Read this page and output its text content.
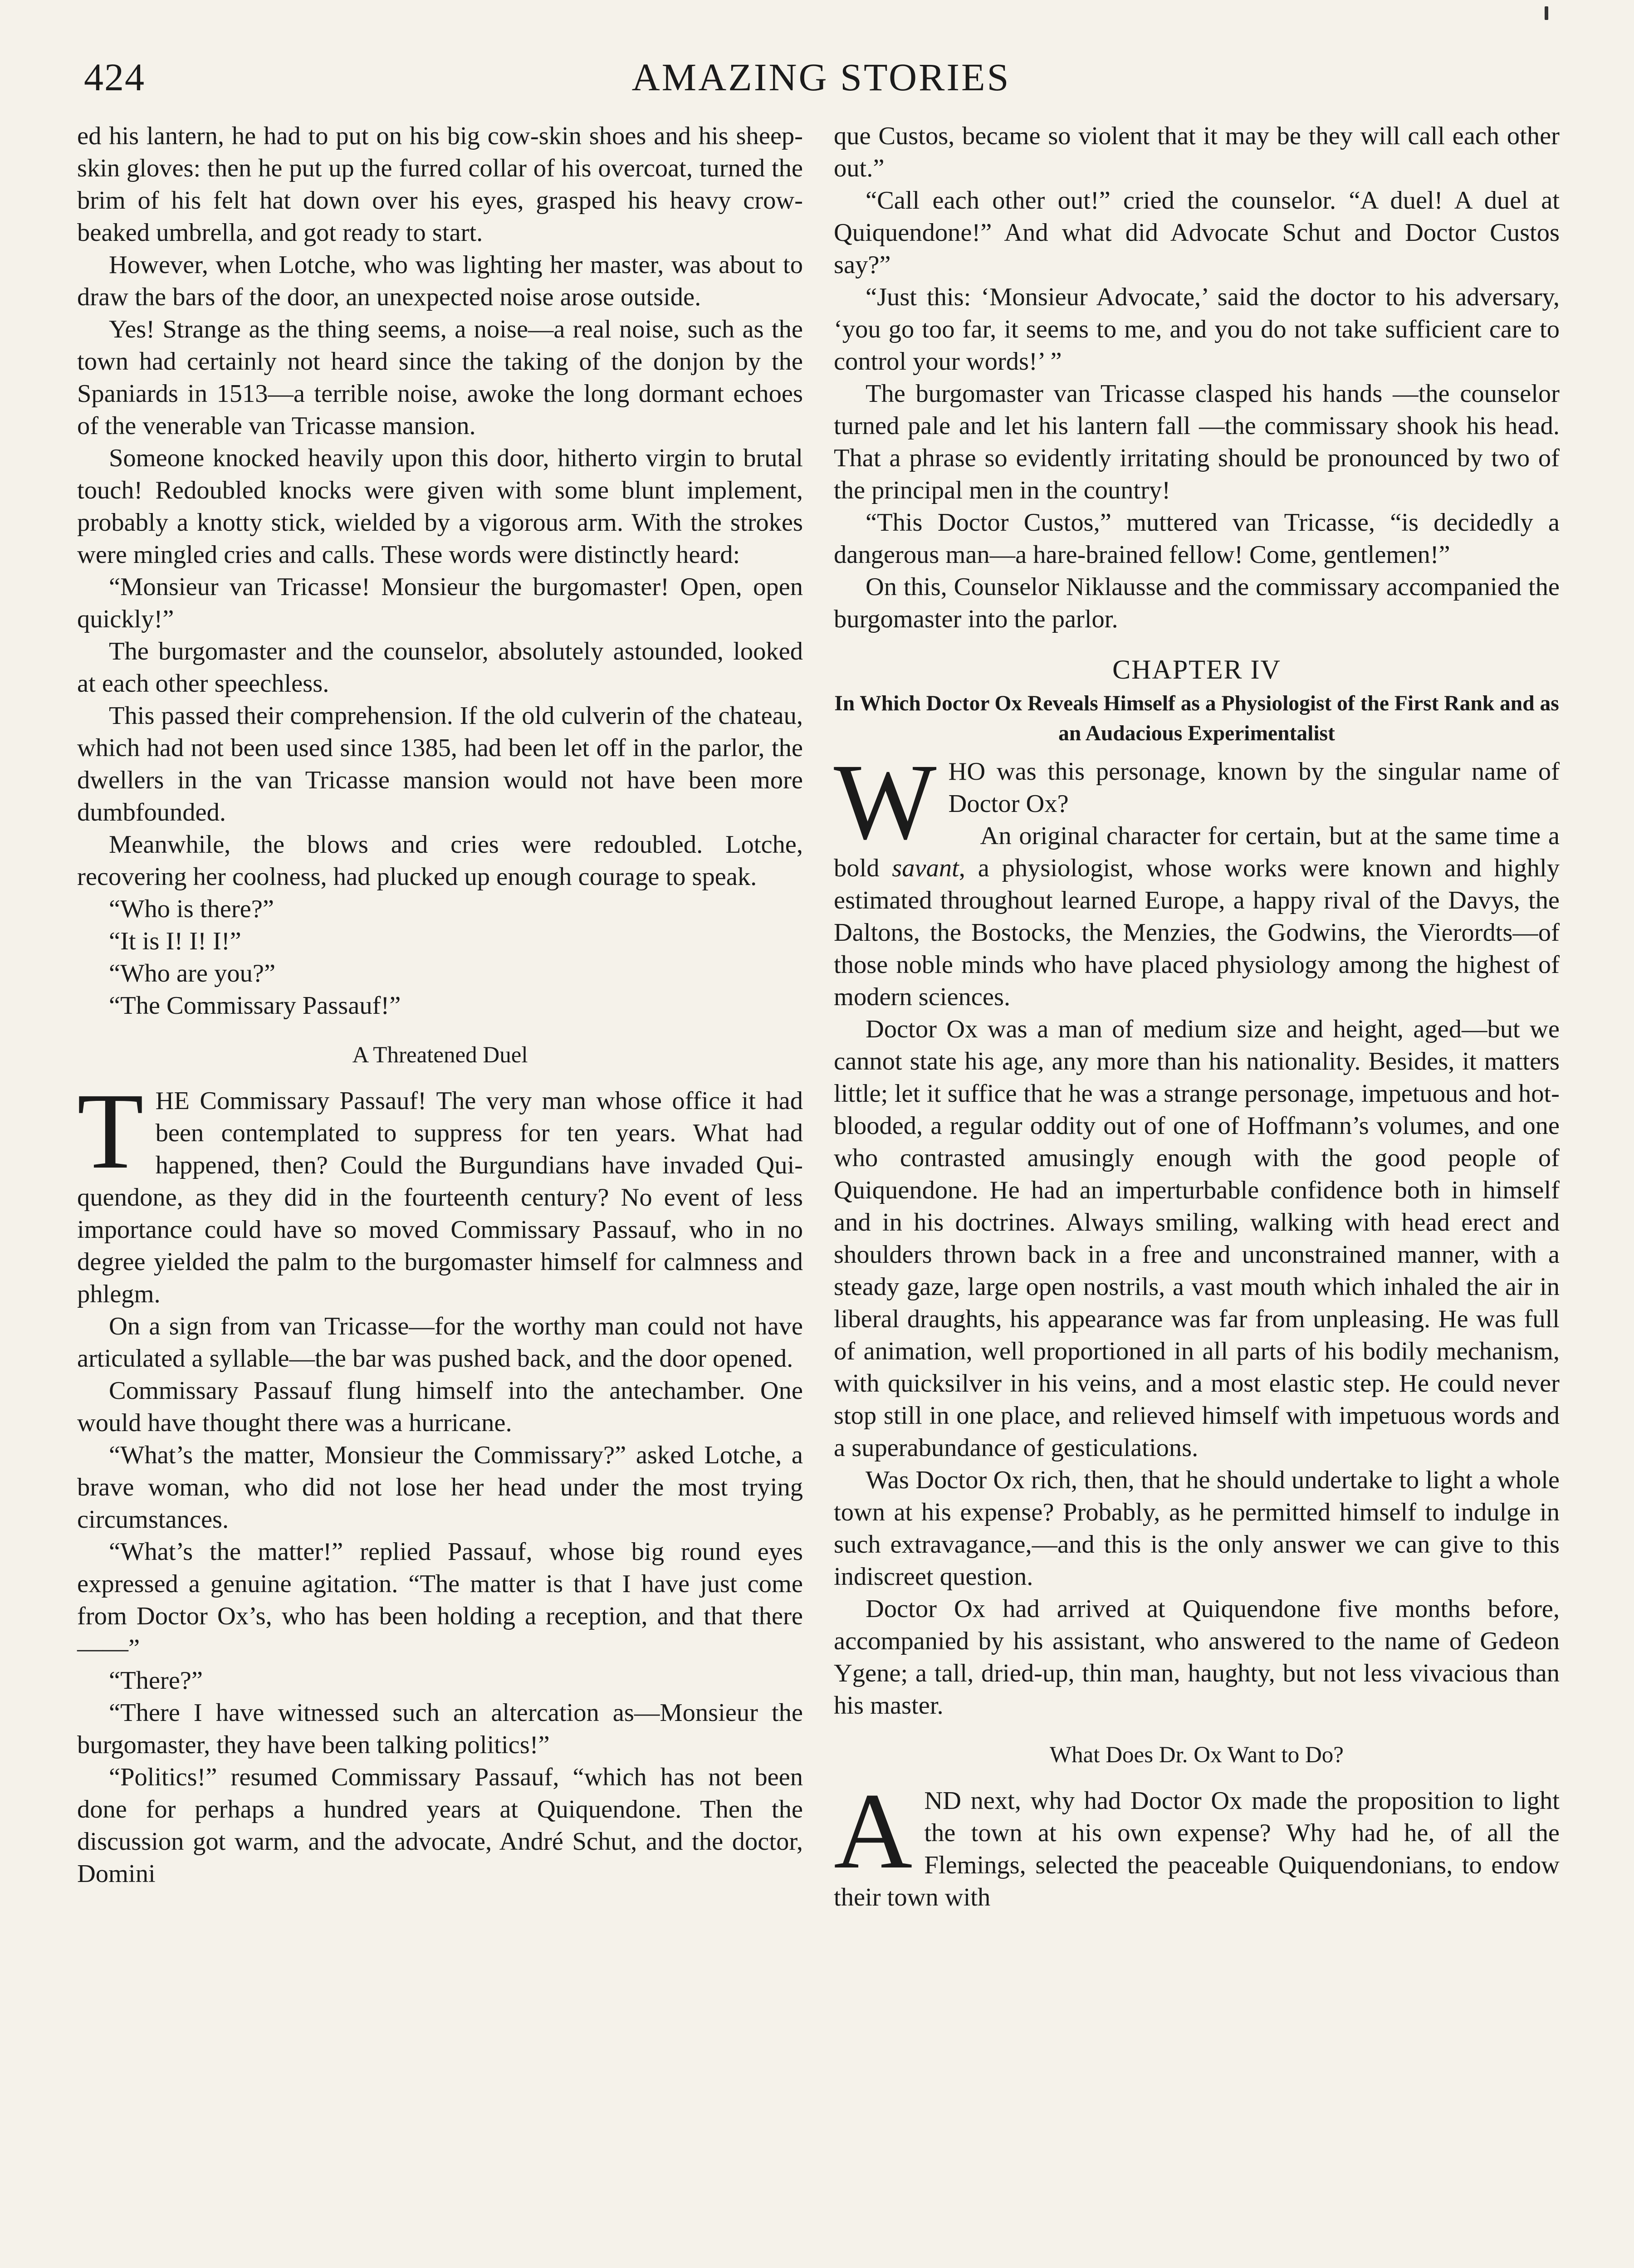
424	AMAZING STORIES

ed his lantern, he had to put on his big cow-skin shoes and his sheep-skin gloves: then he put up the furred collar of his overcoat, turned the brim of his felt hat down over his eyes, grasped his heavy crow-beaked umbrella, and got ready to start.

However, when Lotche, who was lighting her master, was about to draw the bars of the door, an unexpected noise arose outside.

Yes! Strange as the thing seems, a noise—a real noise, such as the town had certainly not heard since the taking of the donjon by the Spaniards in 1513—a terrible noise, awoke the long dormant echoes of the venerable van Tricasse mansion.

Someone knocked heavily upon this door, hitherto virgin to brutal touch! Redoubled knocks were given with some blunt implement, probably a knotty stick, wielded by a vigorous arm. With the strokes were mingled cries and calls. These words were distinctly heard:

“Monsieur van Tricasse! Monsieur the burgomaster! Open, open quickly!”

The burgomaster and the counselor, absolutely astounded, looked at each other speechless.

This passed their comprehension. If the old culverin of the chateau, which had not been used since 1385, had been let off in the parlor, the dwellers in the van Tricasse mansion would not have been more dumbfounded.

Meanwhile, the blows and cries were redoubled. Lotche, recovering her coolness, had plucked up enough courage to speak.

“Who is there?”

“It is I! I! I!”

“Who are you?”

“The Commissary Passauf!”

A Threatened Duel

THE Commissary Passauf! The very man whose office it had been contemplated to suppress for ten years. What had happened, then? Could the Burgundians have invaded Quiquendone, as they did in the fourteenth century? No event of less importance could have so moved Commissary Passauf, who in no degree yielded the palm to the burgomaster himself for calmness and phlegm.

On a sign from van Tricasse—for the worthy man could not have articulated a syllable—the bar was pushed back, and the door opened.

Commissary Passauf flung himself into the antechamber. One would have thought there was a hurricane.

“What’s the matter, Monsieur the Commissary?” asked Lotche, a brave woman, who did not lose her head under the most trying circumstances.

“What’s the matter!” replied Passauf, whose big round eyes expressed a genuine agitation. “The matter is that I have just come from Doctor Ox’s, who has been holding a reception, and that there ——”

“There?”

“There I have witnessed such an altercation as—Monsieur the burgomaster, they have been talking politics!”

“Politics!” resumed Commissary Passauf, “which has not been done for perhaps a hundred years at Quiquendone. Then the discussion got warm, and the advocate, André Schut, and the doctor, Domini

que Custos, became so violent that it may be they will call each other out.”

“Call each other out!” cried the counselor. “A duel! A duel at Quiquendone!” And what did Advocate Schut and Doctor Custos say?”

“Just this: ‘Monsieur Advocate,’ said the doctor to his adversary, ‘you go too far, it seems to me, and you do not take sufficient care to control your words!’ ”

The burgomaster van Tricasse clasped his hands —the counselor turned pale and let his lantern fall —the commissary shook his head. That a phrase so evidently irritating should be pronounced by two of the principal men in the country!

“This Doctor Custos,” muttered van Tricasse, “is decidedly a dangerous man—a hare-brained fellow! Come, gentlemen!”

On this, Counselor Niklausse and the commissary accompanied the burgomaster into the parlor.

CHAPTER IV
In Which Doctor Ox Reveals Himself as a Physiologist of the First Rank and as an Audacious Experimentalist

WHO was this personage, known by the singular name of Doctor Ox?

An original character for certain, but at the same time a bold savant, a physiologist, whose works were known and highly estimated throughout learned Europe, a happy rival of the Davys, the Daltons, the Bostocks, the Menzies, the Godwins, the Vierordts—of those noble minds who have placed physiology among the highest of modern sciences.

Doctor Ox was a man of medium size and height, aged—but we cannot state his age, any more than his nationality. Besides, it matters little; let it suffice that he was a strange personage, impetuous and hot-blooded, a regular oddity out of one of Hoffmann’s volumes, and one who contrasted amusingly enough with the good people of Quiquendone. He had an imperturbable confidence both in himself and in his doctrines. Always smiling, walking with head erect and shoulders thrown back in a free and unconstrained manner, with a steady gaze, large open nostrils, a vast mouth which inhaled the air in liberal draughts, his appearance was far from unpleasing. He was full of animation, well proportioned in all parts of his bodily mechanism, with quicksilver in his veins, and a most elastic step. He could never stop still in one place, and relieved himself with impetuous words and a superabundance of gesticulations.

Was Doctor Ox rich, then, that he should undertake to light a whole town at his expense? Probably, as he permitted himself to indulge in such extravagance,—and this is the only answer we can give to this indiscreet question.

Doctor Ox had arrived at Quiquendone five months before, accompanied by his assistant, who answered to the name of Gedeon Ygene; a tall, dried-up, thin man, haughty, but not less vivacious than his master.

What Does Dr. Ox Want to Do?

AND next, why had Doctor Ox made the proposition to light the town at his own expense? Why had he, of all the Flemings, selected the peaceable Quiquendonians, to endow their town with
